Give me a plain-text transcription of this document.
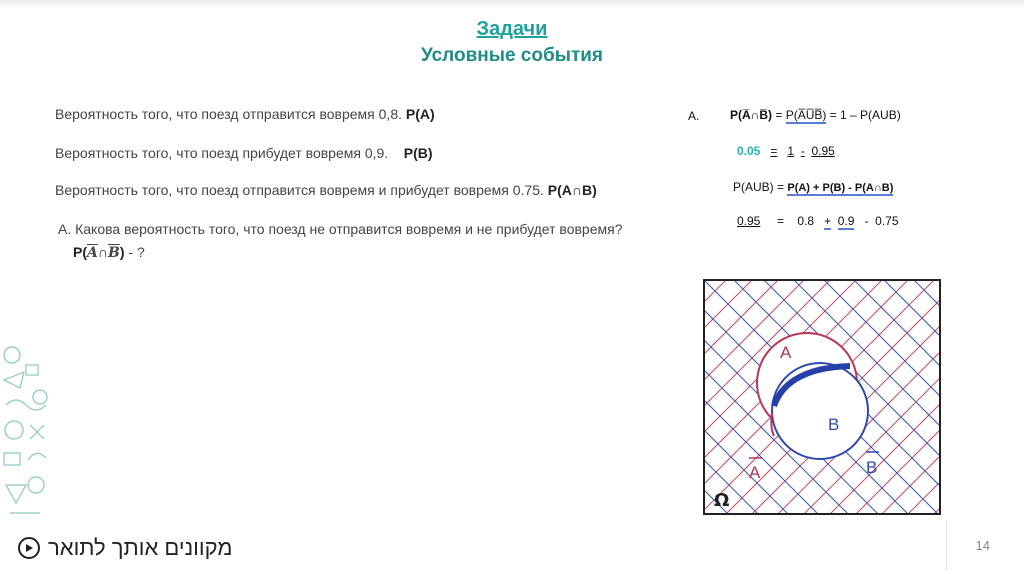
Задачи
Условные события
Вероятность того, что поезд отправится вовремя 0,8. P(A)
Вероятность того, что поезд прибудет вовремя 0,9. P(B)
Вероятность того, что поезд отправится вовремя и прибудет вовремя 0.75. P(A∩B)
А. Какова вероятность того, что поезд не отправится вовремя и не прибудет вовремя?
$P(\overline{A}\cap\overline{B})$ - ?
A.	P(A̅∩B̅) = P(A̅U̅B̅) = 1 – P(AUB)
0.05 = 1 - 0.95
P(AUB) = P(A) + P(B) - P(A∩B)
0.95 = 0.8 + 0.9 - 0.75
A
B
A	B
Ω
מקוונים אותך לתואר	14
